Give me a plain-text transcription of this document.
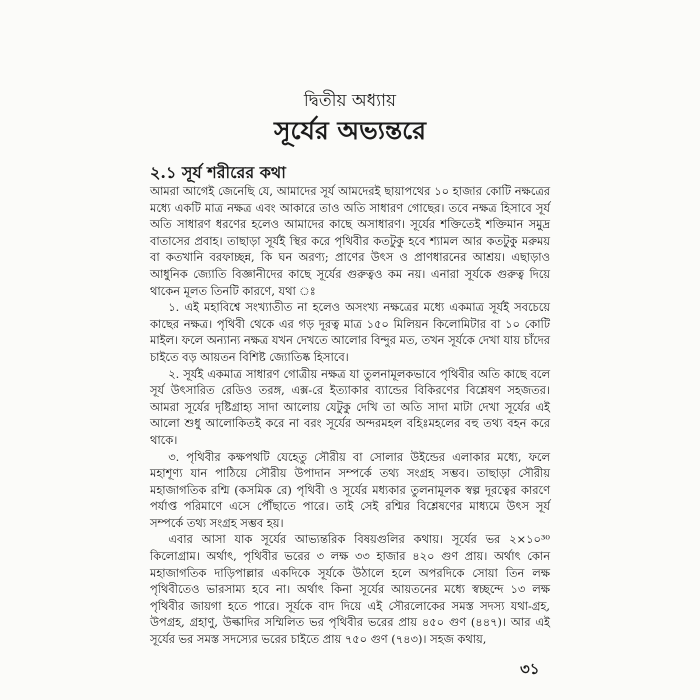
দ্বিতীয় অধ্যায়
সূর্যের অভ্যন্তরে
২.১ সূর্য শরীরের কথা

আমরা আগেই জেনেছি যে, আমাদের সূর্য আমদেরই ছায়াপথের ১০ হাজার কোটি নক্ষত্রের মধ্যে একটি মাত্র নক্ষত্র এবং আকারে তাও অতি সাধারণ গোছের। তবে নক্ষত্র হিসাবে সূর্য অতি সাধারণ ধরণের হলেও আমাদের কাছে অসাধারণ। সূর্যের শক্তিতেই শক্তিমান সমুদ্র বাতাসের প্রবাহ। তাছাড়া সূর্যই স্থির করে পৃথিবীর কতটুকু হবে শ্যামল আর কতটুকু মরুময় বা কতখানি বরফাচ্ছন্ন, কি ঘন অরণ্য; প্রাণের উৎস ও প্রাণধারনের আশ্রয়। এছাড়াও আধুনিক জ্যোতি বিজ্ঞানীদের কাছে সূর্যের গুরুত্বও কম নয়। এনারা সূর্যকে গুরুত্ব দিয়ে থাকেন মূলত তিনটি কারণে, যথা ঃ

১. এই মহাবিশ্বে সংখ্যাতীত না হলেও অসংখ্য নক্ষত্রের মধ্যে একমাত্র সূর্যই সবচেয়ে কাছের নক্ষত্র। পৃথিবী থেকে এর গড় দূরত্ব মাত্র ১৫০ মিলিয়ন কিলোমিটার বা ১০ কোটি মাইল। ফলে অন্যান্য নক্ষত্র যখন দেখতে আলোর বিন্দুর মত, তখন সূর্যকে দেখা যায় চাঁদের চাইতে বড় আয়তন বিশিষ্ট জ্যোতিষ্ক হিসাবে।

২. সূর্যই একমাত্র সাধারণ গোত্রীয় নক্ষত্র যা তুলনামূলকভাবে পৃথিবীর অতি কাছে বলে সূর্য উৎসারিত রেডিও তরঙ্গ, এক্স-রে ইত্যাকার ব্যান্ডের বিকিরণের বিশ্লেষণ সহজতর। আমরা সূর্যের দৃষ্টিগ্রাহ্য সাদা আলোয় যেটুকু দেখি তা অতি সাদা মাটা দেখা সূর্যের এই আলো শুধু আলোকিতই করে না বরং সূর্যের অন্দরমহল বহিঃমহলের বহু তথ্য বহন করে থাকে।

৩. পৃথিবীর কক্ষপথটি যেহেতু সৌরীয় বা সোলার উইন্ডের এলাকার মধ্যে, ফলে মহাশূণ্য যান পাঠিয়ে সৌরীয় উপাদান সম্পর্কে তথ্য সংগ্রহ সম্ভব। তাছাড়া সৌরীয় মহাজাগতিক রশ্মি (কসমিক রে) পৃথিবী ও সূর্যের মধ্যকার তুলনামূলক স্বল্প দূরত্বের কারণে পর্যাপ্ত পরিমাণে এসে পৌঁছাতে পারে। তাই সেই রশ্মির বিশ্লেষণের মাধ্যমে উৎস সূর্য সম্পর্কে তথ্য সংগ্রহ সম্ভব হয়।

এবার আসা যাক সূর্যের আভ্যন্তরিক বিষয়গুলির কথায়। সূর্যের ভর ২×১০³⁰ কিলোগ্রাম। অর্থাৎ, পৃথিবীর ভরের ৩ লক্ষ ৩৩ হাজার ৪২০ গুণ প্রায়। অর্থাৎ কোন মহাজাগতিক দাড়িপাল্লার একদিকে সূর্যকে উঠালে হলে অপরদিকে সোয়া তিন লক্ষ পৃথিবীতেও ভারসাম্য হবে না। অর্থাৎ কিনা সূর্যের আয়তনের মধ্যে স্বচ্ছন্দে ১৩ লক্ষ পৃথিবীর জায়গা হতে পারে। সূর্যকে বাদ দিয়ে এই সৌরলোকের সমস্ত সদস্য যথা-গ্রহ, উপগ্রহ, গ্রহাণু, উল্কাদির সম্মিলিত ভর পৃথিবীর ভরের প্রায় ৪৫০ গুণ (৪৪৭)। আর এই সূর্যের ভর সমস্ত সদস্যের ভরের চাইতে প্রায় ৭৫০ গুণ (৭৪৩)। সহজ কথায়,

৩১
